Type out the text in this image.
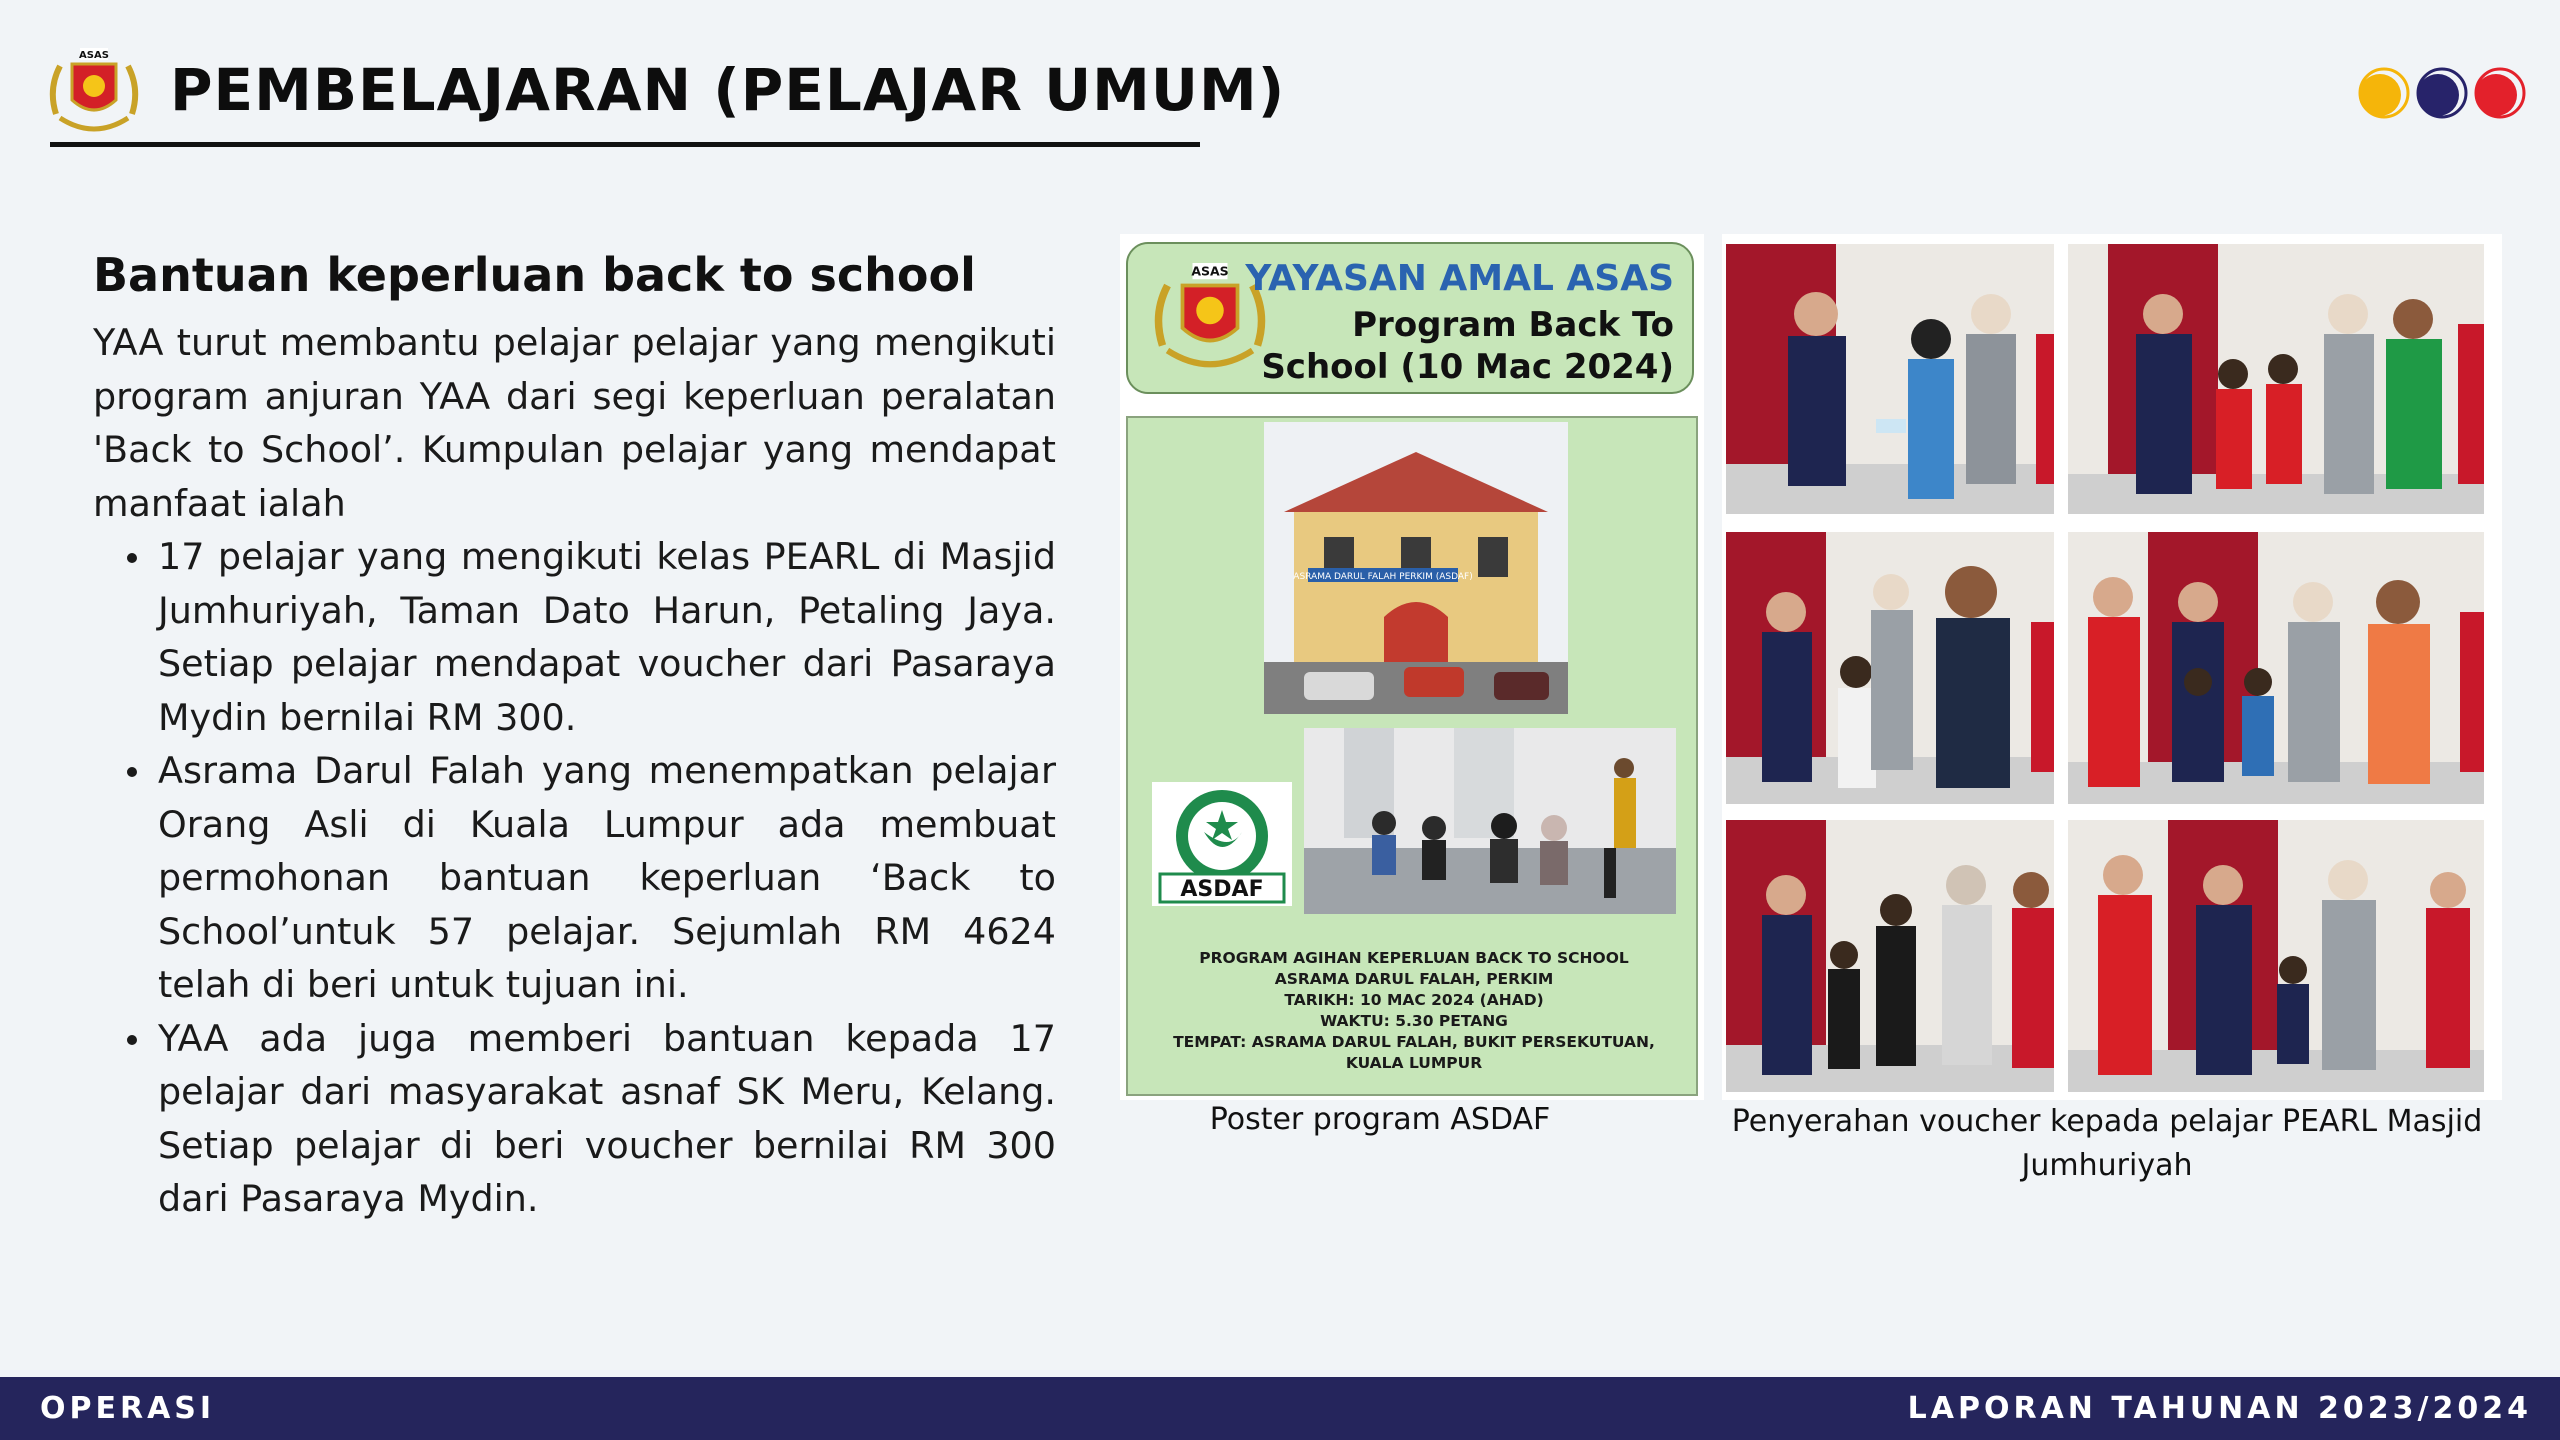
ASAS
PEMBELAJARAN (PELAJAR UMUM)
Bantuan keperluan back to school

YAA turut membantu pelajar pelajar yang mengikuti program anjuran YAA dari segi keperluan peralatan 'Back to School’. Kumpulan pelajar yang mendapat manfaat ialah

17 pelajar yang mengikuti kelas PEARL di Masjid Jumhuriyah, Taman Dato Harun, Petaling Jaya. Setiap pelajar mendapat voucher dari Pasaraya Mydin bernilai RM 300.
Asrama Darul Falah yang menempatkan pelajar Orang Asli di Kuala Lumpur ada membuat permohonan bantuan keperluan ‘Back to School’untuk 57 pelajar. Sejumlah RM 4624 telah di beri untuk tujuan ini.
YAA ada juga memberi bantuan kepada 17 pelajar dari masyarakat asnaf SK Meru, Kelang. Setiap pelajar di beri voucher bernilai RM 300 dari Pasaraya Mydin.
ASAS YAYASAN AMAL ASAS
Program Back To
School (10 Mac 2024)
ASRAMA DARUL FALAH PERKIM (ASDAF)
ASDAF
PROGRAM AGIHAN KEPERLUAN BACK TO SCHOOL
ASRAMA DARUL FALAH, PERKIM
TARIKH: 10 MAC 2024 (AHAD)
WAKTU: 5.30 PETANG
TEMPAT: ASRAMA DARUL FALAH, BUKIT PERSEKUTUAN,
KUALA LUMPUR
Poster program ASDAF	Penyerahan voucher kepada pelajar PEARL Masjid
Jumhuriyah
OPERASI	LAPORAN TAHUNAN 2023/2024
